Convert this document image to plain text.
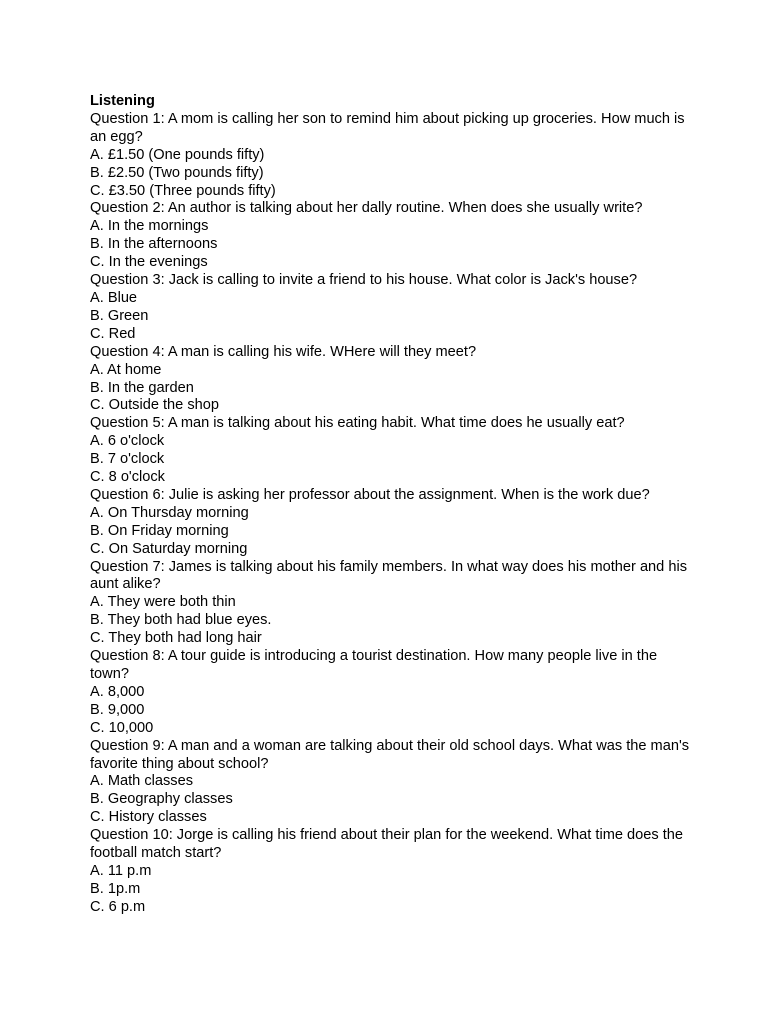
Listening
Question 1: A mom is calling her son to remind him about picking up groceries. How much is an egg?
A. £1.50 (One pounds fifty)
B. £2.50 (Two pounds fifty)
C. £3.50 (Three pounds fifty)
Question 2: An author is talking about her dally routine. When does she usually write?
A. In the mornings
B. In the afternoons
C. In the evenings
Question 3: Jack is calling to invite a friend to his house. What color is Jack's house?
A. Blue
B. Green
C. Red
Question 4: A man is calling his wife. WHere will they meet?
A. At home
B. In the garden
C. Outside the shop
Question 5: A man is talking about his eating habit. What time does he usually eat?
A. 6 o'clock
B. 7 o'clock
C. 8 o'clock
Question 6: Julie is asking her professor about the assignment. When is the work due?
A. On Thursday morning
B. On Friday morning
C. On Saturday morning
Question 7: James is talking about his family members. In what way does his mother and his aunt alike?
A. They were both thin
B. They both had blue eyes.
C. They both had long hair
Question 8: A tour guide is introducing a tourist destination. How many people live in the town?
A. 8,000
B. 9,000
C. 10,000
Question 9: A man and a woman are talking about their old school days. What was the man's favorite thing about school?
A. Math classes
B. Geography classes
C. History classes
Question 10: Jorge is calling his friend about their plan for the weekend. What time does the football match start?
A. 11 p.m
B. 1p.m
C. 6 p.m
